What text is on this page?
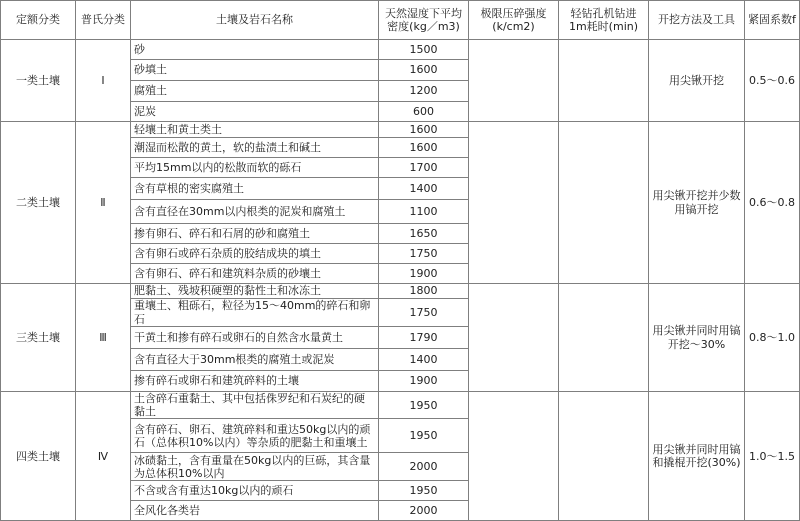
定额分类	普氏分类	土壤及岩石名称	天然湿度下平均密度(kg／m3)	极限压碎强度(k/cm2)	轻钻孔机钻进1m耗时(min)	开挖方法及工具	紧固系数f
一类土壤	Ⅰ	砂	1500			用尖锹开挖	0.5～0.6
		砂填土	1600				
		腐殖土	1200				
		泥炭	600				
二类土壤	Ⅱ	轻壤土和黄土类土	1600			用尖锹开挖并少数用镐开挖	0.6～0.8
		潮湿而松散的黄土，软的盐渍土和碱土	1600				
		平均15mm以内的松散而软的砾石	1700				
		含有草根的密实腐殖土	1400				
		含有直径在30mm以内根类的泥炭和腐殖土	1100				
		掺有卵石、碎石和石屑的砂和腐殖土	1650				
		含有卵石或碎石杂质的胶结成块的填土	1750				
		含有卵石、碎石和建筑料杂质的砂壤土	1900				
三类土壤	Ⅲ	肥黏土、残坡积硬塑的黏性土和冰冻土	1800			用尖锹并同时用镐开挖～30%	0.8～1.0
		重壤土、粗砾石，粒径为15～40mm的碎石和卵石	1750				
		干黄土和掺有碎石或卵石的自然含水量黄土	1790				
		含有直径大于30mm根类的腐殖土或泥炭	1400				
		掺有碎石或卵石和建筑碎料的土壤	1900				
四类土壤	Ⅳ	土含碎石重黏土、其中包括侏罗纪和石炭纪的硬黏土	1950			用尖锹并同时用镐和撬棍开挖(30%)	1.0～1.5
		含有碎石、卵石、建筑碎料和重达50kg以内的顽石（总体积10%以内）等杂质的肥黏土和重壤土	1950				
		冰碛黏土，含有重量在50kg以内的巨砾，其含量为总体积10%以内	2000				
		不含或含有重达10kg以内的顽石	1950				
		全风化各类岩	2000				
